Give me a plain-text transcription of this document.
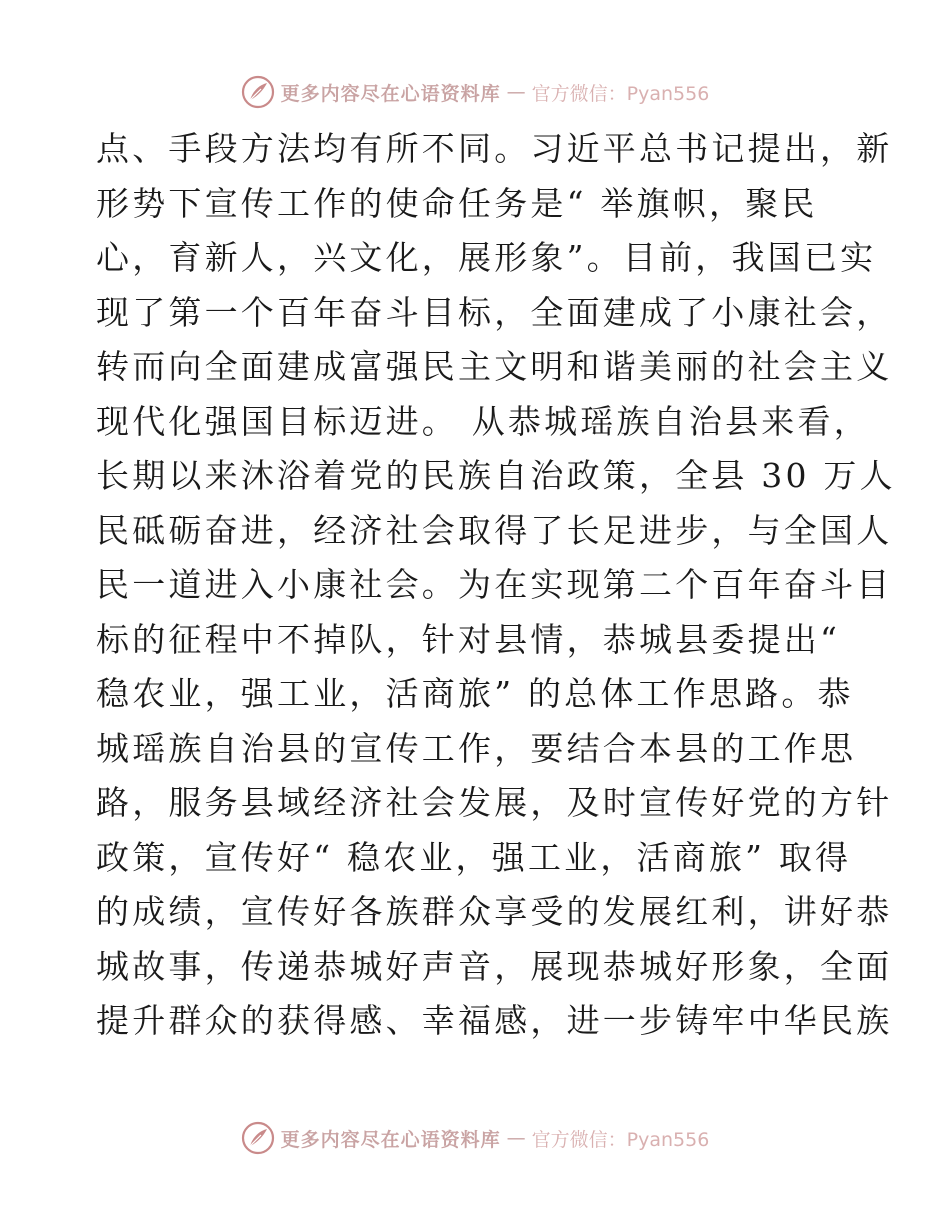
更多内容尽在心语资料库 — 官方微信：Pyan556
点、手段方法均有所不同。习近平总书记提出，新
形势下宣传工作的使命任务是“ 举旗帜，聚民
心，育新人，兴文化，展形象”。目前，我国已实
现了第一个百年奋斗目标，全面建成了小康社会，
转而向全面建成富强民主文明和谐美丽的社会主义
现代化强国目标迈进。 从恭城瑶族自治县来看，
长期以来沐浴着党的民族自治政策，全县 30 万人
民砥砺奋进，经济社会取得了长足进步，与全国人
民一道进入小康社会。为在实现第二个百年奋斗目
标的征程中不掉队，针对县情，恭城县委提出“
稳农业，强工业，活商旅” 的总体工作思路。恭
城瑶族自治县的宣传工作，要结合本县的工作思
路，服务县域经济社会发展，及时宣传好党的方针
政策，宣传好“ 稳农业，强工业，活商旅” 取得
的成绩，宣传好各族群众享受的发展红利，讲好恭
城故事，传递恭城好声音，展现恭城好形象，全面
提升群众的获得感、幸福感，进一步铸牢中华民族
更多内容尽在心语资料库 — 官方微信：Pyan556
